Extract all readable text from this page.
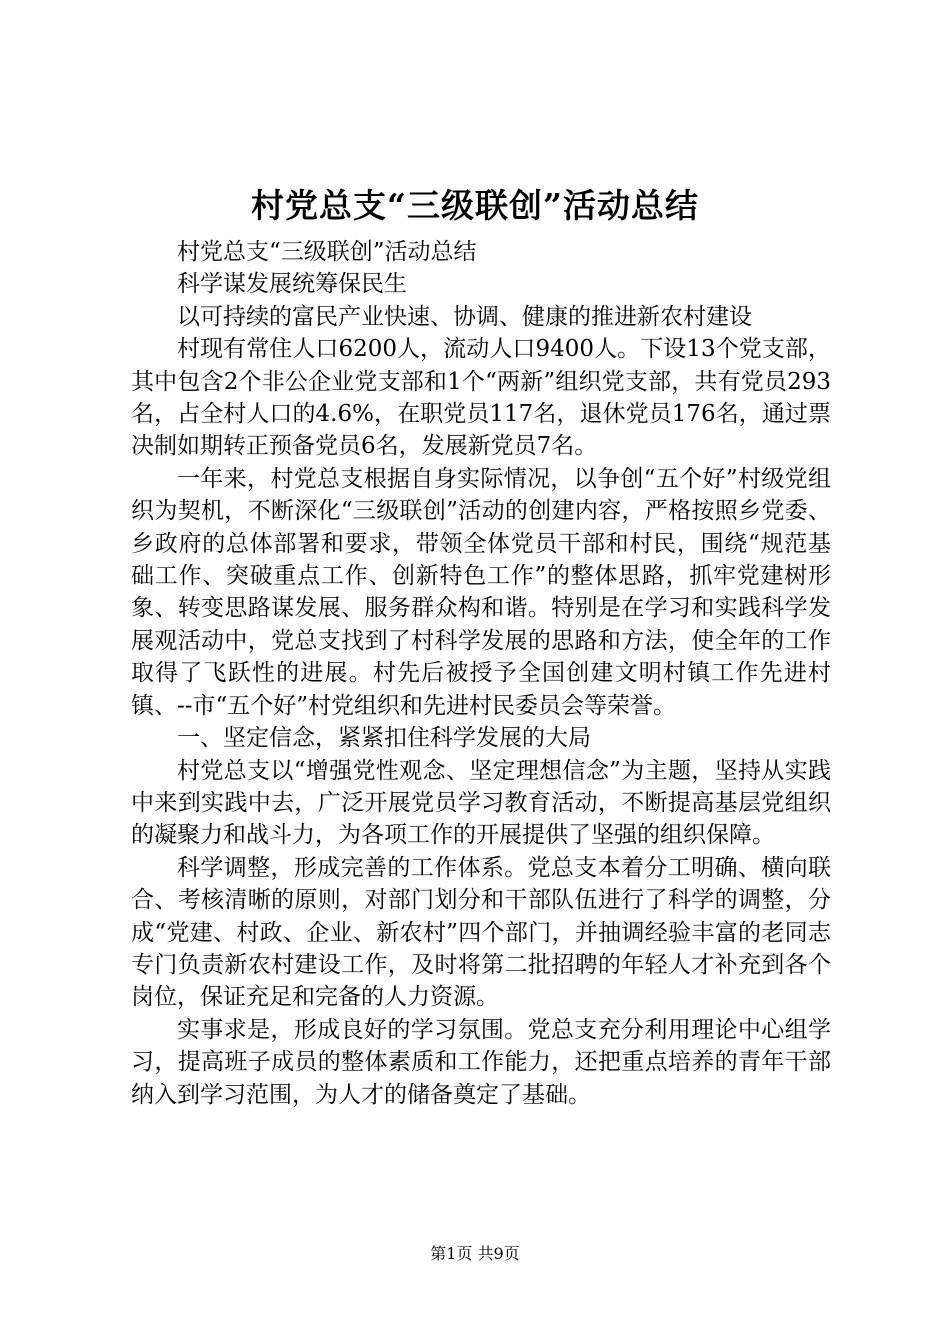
村党总支“三级联创”活动总结

村党总支“三级联创”活动总结

科学谋发展统筹保民生

以可持续的富民产业快速、协调、健康的推进新农村建设

村现有常住人口6200人，流动人口9400人。下设13个党支部，其中包含2个非公企业党支部和1个“两新”组织党支部，共有党员293名，占全村人口的4.6%，在职党员117名，退休党员176名，通过票决制如期转正预备党员6名，发展新党员7名。

一年来，村党总支根据自身实际情况，以争创“五个好”村级党组织为契机，不断深化“三级联创”活动的创建内容，严格按照乡党委、乡政府的总体部署和要求，带领全体党员干部和村民，围绕“规范基础工作、突破重点工作、创新特色工作”的整体思路，抓牢党建树形象、转变思路谋发展、服务群众构和谐。特别是在学习和实践科学发展观活动中，党总支找到了村科学发展的思路和方法，使全年的工作取得了飞跃性的进展。村先后被授予全国创建文明村镇工作先进村镇、--市“五个好”村党组织和先进村民委员会等荣誉。

一、坚定信念，紧紧扣住科学发展的大局

村党总支以“增强党性观念、坚定理想信念”为主题，坚持从实践中来到实践中去，广泛开展党员学习教育活动，不断提高基层党组织的凝聚力和战斗力，为各项工作的开展提供了坚强的组织保障。

科学调整，形成完善的工作体系。党总支本着分工明确、横向联合、考核清晰的原则，对部门划分和干部队伍进行了科学的调整，分成“党建、村政、企业、新农村”四个部门，并抽调经验丰富的老同志专门负责新农村建设工作，及时将第二批招聘的年轻人才补充到各个岗位，保证充足和完备的人力资源。

实事求是，形成良好的学习氛围。党总支充分利用理论中心组学习，提高班子成员的整体素质和工作能力，还把重点培养的青年干部纳入到学习范围，为人才的储备奠定了基础。

第1页 共9页
